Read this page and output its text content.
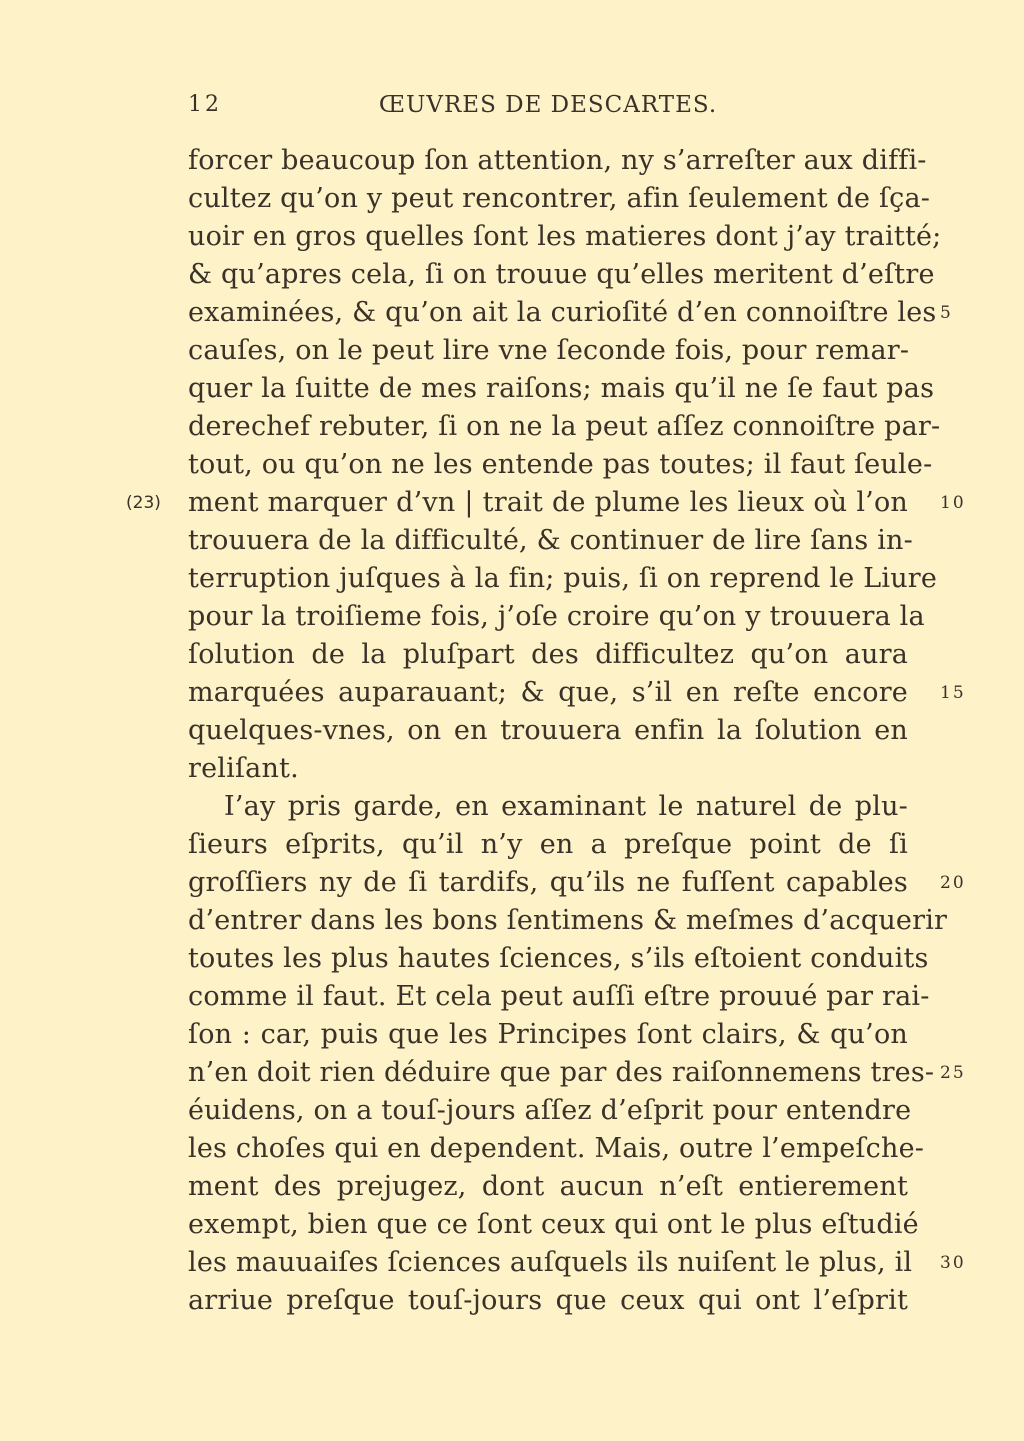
12	ŒUVRES DE DESCARTES.
forcer beaucoup ſon attention, ny s’arreſter aux diffi-
cultez qu’on y peut rencontrer, afin ſeulement de ſça-
uoir en gros quelles ſont les matieres dont j’ay traitté;
& qu’apres cela, ſi on trouue qu’elles meritent d’eſtre
examinées, & qu’on ait la curioſité d’en connoiſtre les
cauſes, on le peut lire vne ſeconde fois, pour remar-
quer la ſuitte de mes raiſons; mais qu’il ne ſe faut pas
derechef rebuter, ſi on ne la peut aſſez connoiſtre par-
tout, ou qu’on ne les entende pas toutes; il faut ſeule-
ment marquer d’vn | trait de plume les lieux où l’on
trouuera de la difficulté, & continuer de lire ſans in-
terruption juſques à la fin; puis, ſi on reprend le Liure
pour la troiſieme fois, j’oſe croire qu’on y trouuera la
ſolution de la pluſpart des difficultez qu’on aura
marquées auparauant; & que, s’il en reſte encore
quelques-vnes, on en trouuera enfin la ſolution en
reliſant.
I’ay pris garde, en examinant le naturel de plu-
ſieurs eſprits, qu’il n’y en a preſque point de ſi
groſſiers ny de ſi tardifs, qu’ils ne fuſſent capables
d’entrer dans les bons ſentimens & meſmes d’acquerir
toutes les plus hautes ſciences, s’ils eſtoient conduits
comme il faut. Et cela peut auſſi eſtre prouué par rai-
ſon : car, puis que les Principes ſont clairs, & qu’on
n’en doit rien déduire que par des raiſonnemens tres-
éuidens, on a touſ-jours aſſez d’eſprit pour entendre
les choſes qui en dependent. Mais, outre l’empeſche-
ment des prejugez, dont aucun n’eſt entierement
exempt, bien que ce ſont ceux qui ont le plus eſtudié
les mauuaiſes ſciences auſquels ils nuiſent le plus, il
arriue preſque touſ-jours que ceux qui ont l’eſprit
(23)
5
10
15
20
25
30
